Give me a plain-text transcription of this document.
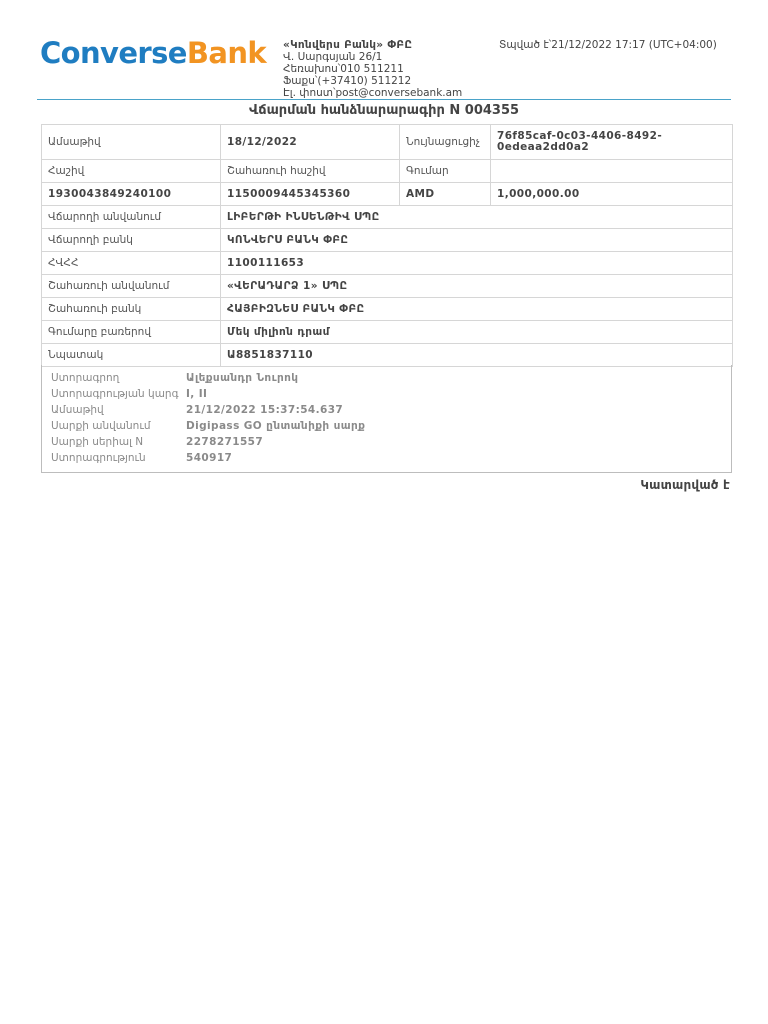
ConverseBank «Կոնվերս Բանկ» ՓԲԸ
Վ. Սարգսյան 26/1
Հեռախոս՝010 511211
Ֆաքս՝(+37410) 511212
Էլ. փոստ՝post@conversebank.am
Տպված է՝21/12/2022 17:17 (UTC+04:00)
Վճարման հանձնարարագիր N 004355
Ամսաթիվ	18/12/2022	Նույնացուցիչ	76f85caf-0c03-4406-8492-0edeaa2dd0a2
Հաշիվ	Շահառուի հաշիվ	Գումար	
1930043849240100	1150009445345360	AMD	1,000,000.00
Վճարողի անվանում	ԼԻԲԵՐԹԻ ԻՆՍԵՆԹԻՎ ՍՊԸ		
Վճարողի բանկ	ԿՈՆՎԵՐՍ ԲԱՆԿ ՓԲԸ		
ՀՎՀՀ	1100111653		
Շահառուի անվանում	«ՎԵՐԱԴԱՐՁ 1» ՍՊԸ		
Շահառուի բանկ	ՀԱՅԲԻԶՆԵՍ ԲԱՆԿ ՓԲԸ		
Գումարը բառերով	Մեկ միլիոն դրամ		
Նպատակ	Ա8851837110		
Ստորագրող	Ալեքսանդր Նուրոկ
Ստորագրության կարգ I, II
Ամսաթիվ	21/12/2022 15:37:54.637
Սարքի անվանում	Digipass GO ընտանիքի սարք
Սարքի սերիալ N	2278271557
Ստորագրություն	540917
Կատարված է
